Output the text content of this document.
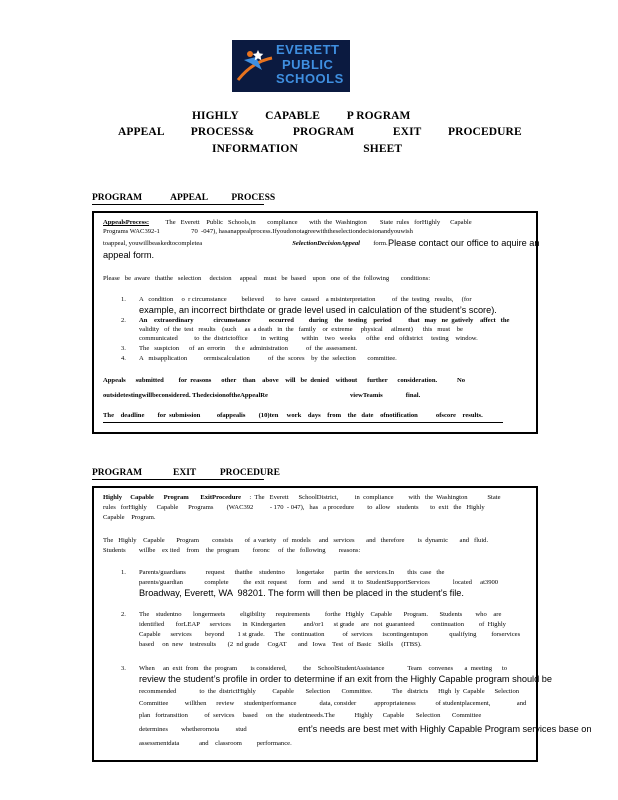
EVERETT
PUBLIC
SCHOOLS
HIGHLY         CAPABLE         P ROGRAM
APPEAL         PROCESS&             PROGRAM             EXIT         PROCEDURE
INFORMATION                      SHEET
PROGRAM            APPEAL          PROCESS
AppealsProcess:          The   Everett    Public   Schools,in       compliance       with  the  Washington        State  rules   forHighly      Capable
Programs WAC392-1                   70  -047), hasanappealprocess.Ifyoudonotagreewiththeselectiondecisionandyouwish
toappeal, youwillbeaskedtocompletea	SelectionDecisionAppeal        form. Please contact our office to aquire an
appeal form.
Please   be  aware   thatthe   selection     decision     appeal    must   be  based    upon   one  of  the  following       conditions:
1. A   condition     o  r circumstance         believed       to  have   caused    a misinterpretation          of  the  testing   results,     (for
example, an incorrect birthdate or grade level used in calculation of the student’s score).
2. An    extraordinary            circumstance           occurred         during    the   testing    period          that   may   ne  gatively    affect   the
validity   of  the  test   results    (such     as  a death   in  the   family    or  extreme     physical     ailment)      this   must    be
communicated          to  the  districtoffice        in  writing        within    two   weeks      ofthe   end   ofdistrict     testing    window.
3. The   suspicion      of  an  errorin      th e   administration           of  the  assessment.
4. A   misapplication          orrmiscalculation           of  the  scores    by  the  selection       committee.
Appeals      submitted         for  reasons      other    than    above    will   be  denied    without      further      consideration.            No
outsidetestingwillbeconsidered. ThedecisionoftheAppealRe	viewTeamis              final.
The    deadline        for  submission          ofappealis        (10)ten     work    days    from    the   date    ofnotification           ofscore    results.
PROGRAM             EXIT          PROCEDURE
Highly     Capable      Program       ExitProcedure     :  The   Everett      SchoolDistrict,          in  compliance         with   the  Washington            State
rules   forHighly      Capable      Programs        (WAC392          - 170  - 047),   has   a procedure        to  allow    students       to  exit   the   Highly
Capable    Program.
The   Highly    Capable       Program        consists       of  a variety    of  models     and   services       and   therefore        is  dynamic       and   fluid.
Students        willbe    ex ited    from    the  program        foronc     of  the   following        reasons:
1. Parents/guardians            request      thatthe    studentno       longertake      partin   the  services.In        this  case   the
parents/guardian             complete         the  exit  request       form    and   send    it  to  StudentSupportServices              located     at3900
Broadway, Everett, WA  98201. The form will then be placed in the student’s file.
2. The    studentno       longermeets         eligibility      requirements         forthe   Highly    Capable       Program.       Students        who    are
identified       forLEAP      services       in  Kindergarten           and/or1      st grade    are   not  guaranteed          continuation         of  Highly
Capable      services        beyond        1 st grade.      The    continuation           of  services      iscontingentupon             qualifying         forservices
based     on  new    testresults       (2  nd grade     CogAT       and   Iowa    Test   of  Basic    Skills     (ITBS).
3. When     an  exit  from   the  program        is considered,          the    SchoolStudentAssistance              Team    convenes       a  meeting      to
review the student’s profile in order to determine if an exit from the Highly Capable program should be
recommended              to  the  districtHighly          Capable       Selection       Committee.            The   districts      High  ly  Capable      Selection
Committee          willthen      review      studentperformance              data, consider           appropriateness            of studentplacement,                and
plan   fortransition          of  services     based     on  the   studentneeds.The            Highly      Capable       Selection       Committee
determines        whetherornota          stud	ent’s needs are best met with Highly Capable Program services base on
assessmentdata            and    classroom         performance.
